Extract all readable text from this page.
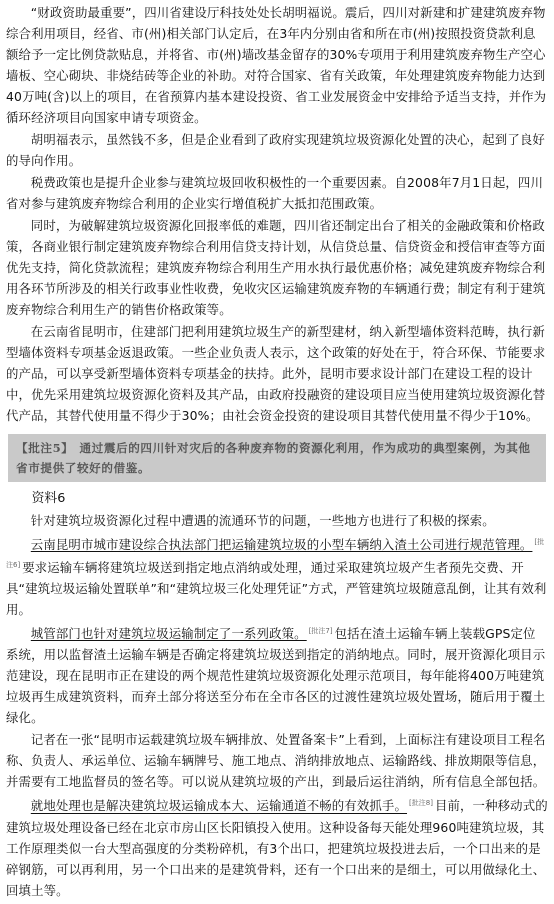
“财政资助最重要”，四川省建设厅科技处处长胡明福说。震后，四川对新建和扩建建筑废弃物综合利用项目，经省、市(州)相关部门认定后，在3年内分别由省和所在市(州)按照投资贷款利息额给予一定比例贷款贴息，并将省、市(州)墙改基金留存的30%专项用于利用建筑废弃物生产空心墙板、空心砌块、非烧结砖等企业的补助。对符合国家、省有关政策，年处理建筑废弃物能力达到40万吨(含)以上的项目，在省预算内基本建设投资、省工业发展资金中安排给予适当支持，并作为循环经济项目向国家申请专项资金。

胡明福表示，虽然钱不多，但是企业看到了政府实现建筑垃圾资源化处置的决心，起到了良好的导向作用。

税费政策也是提升企业参与建筑垃圾回收积极性的一个重要因素。自2008年7月1日起，四川省对参与建筑废弃物综合利用的企业实行增值税扩大抵扣范围政策。

同时，为破解建筑垃圾资源化回报率低的难题，四川省还制定出台了相关的金融政策和价格政策，各商业银行制定建筑废弃物综合利用信贷支持计划，从信贷总量、信贷资金和授信审查等方面优先支持，简化贷款流程；建筑废弃物综合利用生产用水执行最优惠价格；减免建筑废弃物综合利用各环节所涉及的相关行政事业性收费，免收灾区运输建筑废弃物的车辆通行费；制定有利于建筑废弃物综合利用生产的销售价格政策等。

在云南省昆明市，住建部门把利用建筑垃圾生产的新型建材，纳入新型墙体资料范畴，执行新型墙体资料专项基金返退政策。一些企业负责人表示，这个政策的好处在于，符合环保、节能要求的产品，可以享受新型墙体资料专项基金的扶持。此外，昆明市要求设计部门在建设工程的设计中，优先采用建筑垃圾资源化资料及其产品，由政府投融资的建设项目应当使用建筑垃圾资源化替代产品，其替代使用量不得少于30%；由社会资金投资的建设项目其替代使用量不得少于10%。

【批注5】 通过震后的四川针对灾后的各种废弃物的资源化利用，作为成功的典型案例，为其他省市提供了较好的借鉴。

资料6

针对建筑垃圾资源化过程中遭遇的流通环节的问题，一些地方也进行了积极的探索。

云南昆明市城市建设综合执法部门把运输建筑垃圾的小型车辆纳入渣土公司进行规范管理。 [批注6] 要求运输车辆将建筑垃圾送到指定地点消纳或处理，通过采取建筑垃圾产生者预先交费、开具“建筑垃圾运输处置联单”和“建筑垃圾三化处理凭证”方式，严管建筑垃圾随意乱倒，让其有效利用。

城管部门也针对建筑垃圾运输制定了一系列政策。 [批注7] 包括在渣土运输车辆上装载GPS定位系统，用以监督渣土运输车辆是否确定将建筑垃圾送到指定的消纳地点。同时，展开资源化项目示范建设，现在昆明市正在建设的两个规范性建筑垃圾资源化处理示范项目，每年能将400万吨建筑垃圾再生成建筑资料，而弃土部分将送至分布在全市各区的过渡性建筑垃圾处置场，随后用于覆土绿化。

记者在一张“昆明市运载建筑垃圾车辆排放、处置备案卡”上看到，上面标注有建设项目工程名称、负责人、承运单位、运输车辆牌号、施工地点、消纳排放地点、运输路线、排放期限等信息，并需要有工地监督员的签名等。可以说从建筑垃圾的产出，到最后运往消纳，所有信息全部包括。

就地处理也是解决建筑垃圾运输成本大、运输通道不畅的有效抓手。 [批注8] 目前，一种移动式的建筑垃圾处理设备已经在北京市房山区长阳镇投入使用。这种设备每天能处理960吨建筑垃圾，其工作原理类似一台大型高强度的分类粉碎机，有3个出口，把建筑垃圾投进去后，一个口出来的是碎钢筋，可以再利用，另一个口出来的是建筑骨料，还有一个口出来的是细土，可以用做绿化土、回填土等。
